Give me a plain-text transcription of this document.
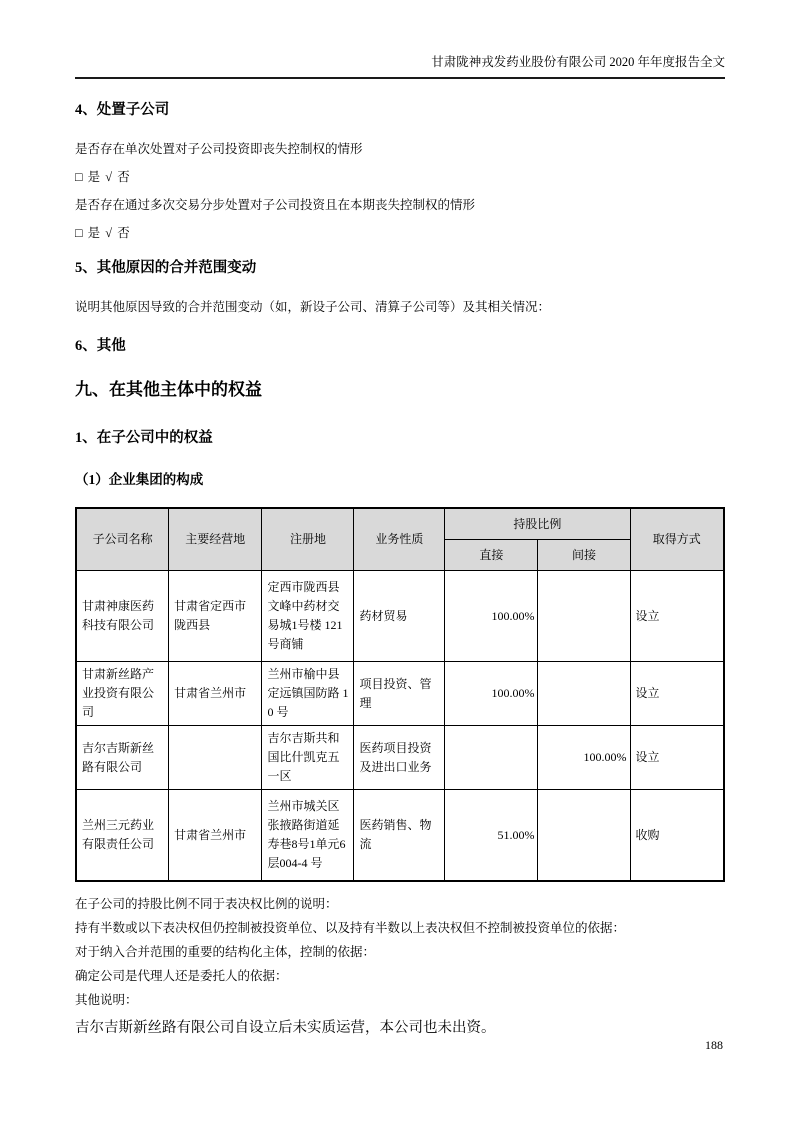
甘肃陇神戎发药业股份有限公司 2020 年年度报告全文
4、处置子公司

是否存在单次处置对子公司投资即丧失控制权的情形

□ 是 √ 否

是否存在通过多次交易分步处置对子公司投资且在本期丧失控制权的情形

□ 是 √ 否

5、其他原因的合并范围变动

说明其他原因导致的合并范围变动（如，新设子公司、清算子公司等）及其相关情况：

6、其他
九、在其他主体中的权益
1、在子公司中的权益
（1）企业集团的构成
子公司名称	主要经营地	注册地	业务性质	持股比例		取得方式
				直接	间接	
甘肃神康医药科技有限公司	甘肃省定西市陇西县	定西市陇西县文峰中药材交易城1号楼 121 号商铺	药材贸易	100.00%		设立
甘肃新丝路产业投资有限公司	甘肃省兰州市	兰州市榆中县定远镇国防路 10 号	项目投资、管理	100.00%		设立
吉尔吉斯新丝路有限公司		吉尔吉斯共和国比什凯克五一区	医药项目投资及进出口业务		100.00%	设立
兰州三元药业有限责任公司	甘肃省兰州市	兰州市城关区张掖路街道延寿巷8号1单元6层004-4 号	医药销售、物流	51.00%		收购

在子公司的持股比例不同于表决权比例的说明：

持有半数或以下表决权但仍控制被投资单位、以及持有半数以上表决权但不控制被投资单位的依据：

对于纳入合并范围的重要的结构化主体，控制的依据：

确定公司是代理人还是委托人的依据：

其他说明：

吉尔吉斯新丝路有限公司自设立后未实质运营，本公司也未出资。

188
